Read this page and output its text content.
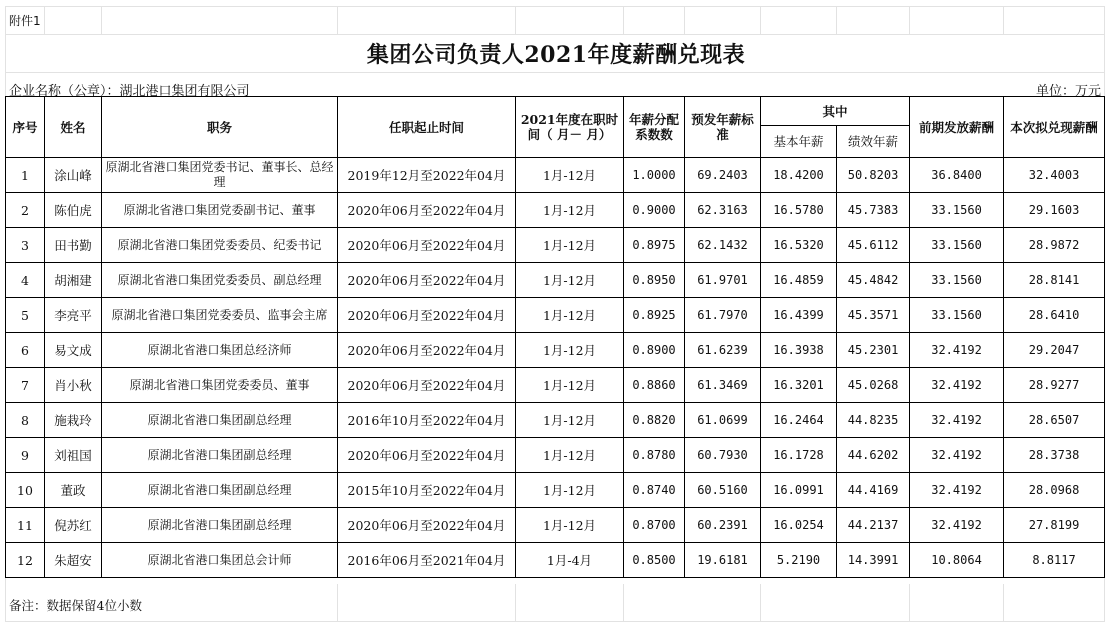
附件1
集团公司负责人2021年度薪酬兑现表
企业名称（公章）：湖北港口集团有限公司	单位：万元
序号	姓名	职务	任职起止时间	2021年度在职时间（ 月－ 月）	年薪分配系数数	预发年薪标准	其中		前期发放薪酬	本次拟兑现薪酬
							基本年薪	绩效年薪		
1	涂山峰	原湖北省港口集团党委书记、董事长、总经理	2019年12月至2022年04月	1月-12月	1.0000	69.2403	18.4200	50.8203	36.8400	32.4003
2	陈伯虎	原湖北省港口集团党委副书记、董事	2020年06月至2022年04月	1月-12月	0.9000	62.3163	16.5780	45.7383	33.1560	29.1603
3	田书勤	原湖北省港口集团党委委员、纪委书记	2020年06月至2022年04月	1月-12月	0.8975	62.1432	16.5320	45.6112	33.1560	28.9872
4	胡湘建	原湖北省港口集团党委委员、副总经理	2020年06月至2022年04月	1月-12月	0.8950	61.9701	16.4859	45.4842	33.1560	28.8141
5	李亮平	原湖北省港口集团党委委员、监事会主席	2020年06月至2022年04月	1月-12月	0.8925	61.7970	16.4399	45.3571	33.1560	28.6410
6	易文成	原湖北省港口集团总经济师	2020年06月至2022年04月	1月-12月	0.8900	61.6239	16.3938	45.2301	32.4192	29.2047
7	肖小秋	原湖北省港口集团党委委员、董事	2020年06月至2022年04月	1月-12月	0.8860	61.3469	16.3201	45.0268	32.4192	28.9277
8	施栽玲	原湖北省港口集团副总经理	2016年10月至2022年04月	1月-12月	0.8820	61.0699	16.2464	44.8235	32.4192	28.6507
9	刘祖国	原湖北省港口集团副总经理	2020年06月至2022年04月	1月-12月	0.8780	60.7930	16.1728	44.6202	32.4192	28.3738
10	董政	原湖北省港口集团副总经理	2015年10月至2022年04月	1月-12月	0.8740	60.5160	16.0991	44.4169	32.4192	28.0968
11	倪苏红	原湖北省港口集团副总经理	2020年06月至2022年04月	1月-12月	0.8700	60.2391	16.0254	44.2137	32.4192	27.8199
12	朱超安	原湖北省港口集团总会计师	2016年06月至2021年04月	1月-4月	0.8500	19.6181	5.2190	14.3991	10.8064	8.8117
备注：数据保留4位小数
